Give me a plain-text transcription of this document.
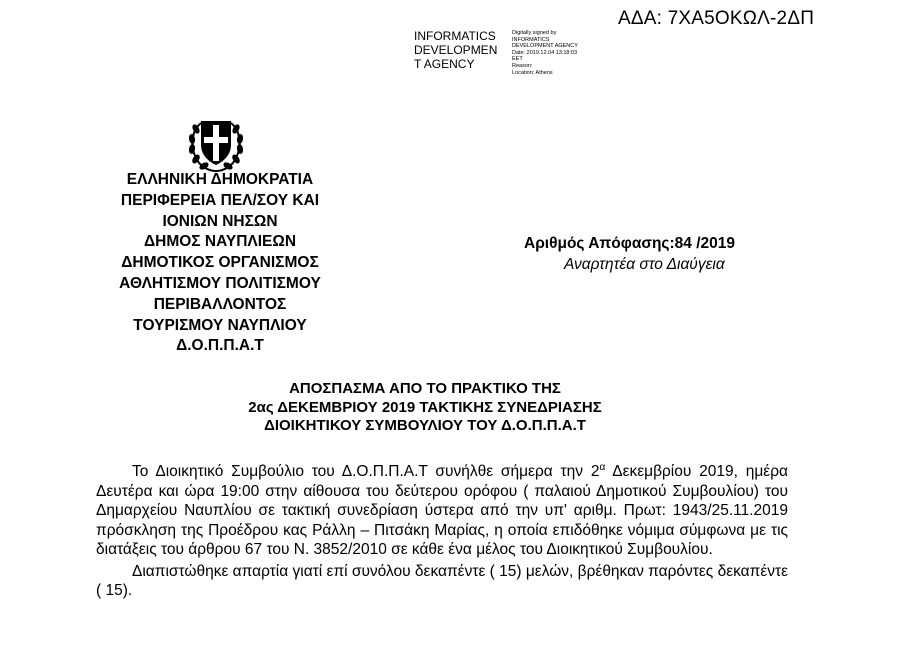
ΑΔΑ: 7ΧΑ5ΟΚΩΛ-2ΔΠ
INFORMATICS
DEVELOPMEN
T AGENCY
Digitally signed by
INFORMATICS
DEVELOPMENT AGENCY
Date: 2019.12.04 13:18:03
EET
Reason:
Location: Athens
ΕΛΛΗΝΙΚΗ ΔΗΜΟΚΡΑΤΙΑ
ΠΕΡΙΦΕΡΕΙΑ ΠΕΛ/ΣΟΥ ΚΑΙ
ΙΟΝΙΩΝ ΝΗΣΩΝ
ΔΗΜΟΣ ΝΑΥΠΛΙΕΩΝ
ΔΗΜΟΤΙΚΟΣ ΟΡΓΑΝΙΣΜΟΣ
ΑΘΛΗΤΙΣΜΟΥ ΠΟΛΙΤΙΣΜΟΥ
ΠΕΡΙΒΑΛΛΟΝΤΟΣ
ΤΟΥΡΙΣΜΟΥ ΝΑΥΠΛΙΟΥ
Δ.Ο.Π.Π.Α.Τ
Αριθμός Απόφασης:84 /2019
Αναρτητέα στο Διαύγεια
ΑΠΟΣΠΑΣΜΑ ΑΠΟ ΤΟ ΠΡΑΚΤΙΚΟ ΤΗΣ
2ας ΔΕΚΕΜΒΡΙΟΥ 2019 ΤΑΚΤΙΚΗΣ ΣΥΝΕΔΡΙΑΣΗΣ
ΔΙΟΙΚΗΤΙΚΟΥ ΣΥΜΒΟΥΛΙΟΥ ΤΟΥ Δ.Ο.Π.Π.Α.Τ

Το Διοικητικό Συμβούλιο του Δ.Ο.Π.Π.Α.Τ συνήλθε σήμερα την $2^\alpha$ Δεκεμβρίου 2019, ημέρα Δευτέρα και ώρα 19:00 στην αίθουσα του δεύτερου ορόφου ( παλαιού Δημοτικού Συμβουλίου) του Δημαρχείου Ναυπλίου σε τακτική συνεδρίαση ύστερα από την υπ' αριθμ. Πρωτ: 1943/25.11.2019 πρόσκληση της Προέδρου κας Ράλλη – Πιτσάκη Μαρίας, η οποία επιδόθηκε νόμιμα σύμφωνα με τις διατάξεις του άρθρου 67 του Ν. 3852/2010 σε κάθε ένα μέλος του Διοικητικού Συμβουλίου.

Διαπιστώθηκε απαρτία γιατί επί συνόλου δεκαπέντε ( 15) μελών, βρέθηκαν παρόντες δεκαπέντε ( 15).
